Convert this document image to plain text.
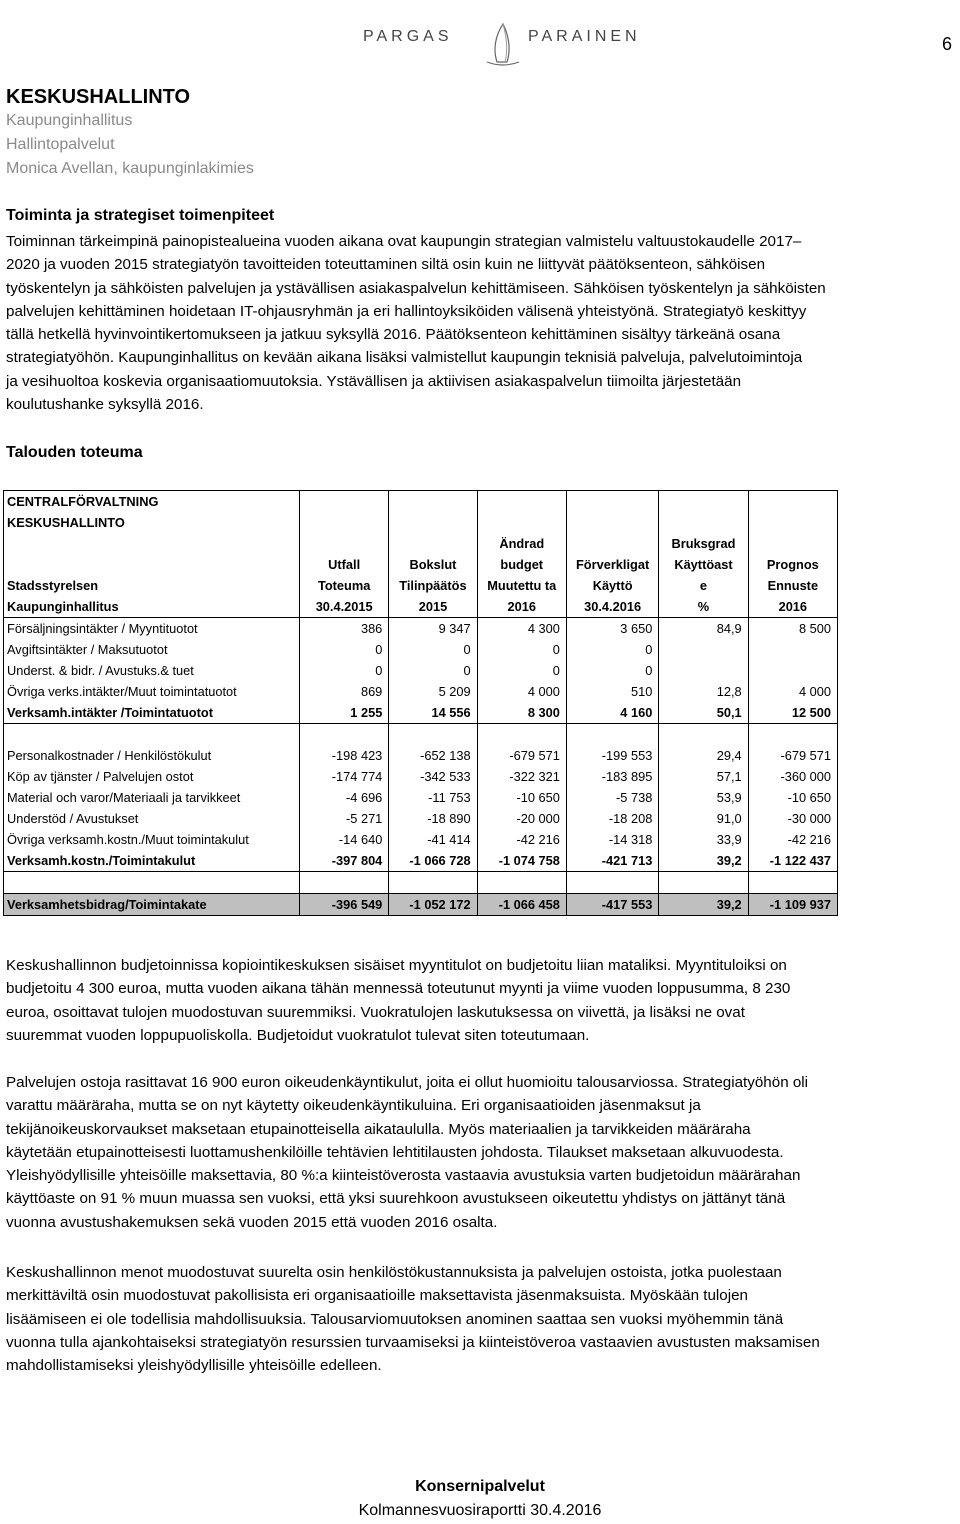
PARGAS	PARAINEN	6
KESKUSHALLINTO
Kaupunginhallitus
Hallintopalvelut
Monica Avellan, kaupunginlakimies
Toiminta ja strategiset toimenpiteet
Toiminnan tärkeimpinä painopistealueina vuoden aikana ovat kaupungin strategian valmistelu valtuustokaudelle 2017–
2020 ja vuoden 2015 strategiatyön tavoitteiden toteuttaminen siltä osin kuin ne liittyvät päätöksenteon, sähköisen
työskentelyn ja sähköisten palvelujen ja ystävällisen asiakaspalvelun kehittämiseen. Sähköisen työskentelyn ja sähköisten
palvelujen kehittäminen hoidetaan IT-ohjausryhmän ja eri hallintoyksiköiden välisenä yhteistyönä. Strategiatyö keskittyy
tällä hetkellä hyvinvointikertomukseen ja jatkuu syksyllä 2016. Päätöksenteon kehittäminen sisältyy tärkeänä osana
strategiatyöhön. Kaupunginhallitus on kevään aikana lisäksi valmistellut kaupungin teknisiä palveluja, palvelutoimintoja
ja vesihuoltoa koskevia organisaatiomuutoksia. Ystävällisen ja aktiivisen asiakaspalvelun tiimoilta järjestetään
koulutushanke syksyllä 2016.
Talouden toteuma
CENTRALFÖRVALTNING						
KESKUSHALLINTO						
			Ändrad		Bruksgrad	
	Utfall	Bokslut	budget	Förverkligat	Käyttöast	Prognos
Stadsstyrelsen	Toteuma	Tilinpäätös	Muutettu ta	Käyttö	e	Ennuste
Kaupunginhallitus	30.4.2015	2015	2016	30.4.2016	%	2016
Försäljningsintäkter / Myyntituotot	386	9 347	4 300	3 650	84,9	8 500
Avgiftsintäkter / Maksutuotot	0	0	0	0		
Underst. & bidr. / Avustuks.& tuet	0	0	0	0		
Övriga verks.intäkter/Muut toimintatuotot	869	5 209	4 000	510	12,8	4 000
Verksamh.intäkter /Toimintatuotot	1 255	14 556	8 300	4 160	50,1	12 500

Personalkostnader / Henkilöstökulut	-198 423	-652 138	-679 571	-199 553	29,4	-679 571
Köp av tjänster / Palvelujen ostot	-174 774	-342 533	-322 321	-183 895	57,1	-360 000
Material och varor/Materiaali ja tarvikkeet	-4 696	-11 753	-10 650	-5 738	53,9	-10 650
Understöd / Avustukset	-5 271	-18 890	-20 000	-18 208	91,0	-30 000
Övriga verksamh.kostn./Muut toimintakulut	-14 640	-41 414	-42 216	-14 318	33,9	-42 216
Verksamh.kostn./Toimintakulut	-397 804	-1 066 728	-1 074 758	-421 713	39,2	-1 122 437

Verksamhetsbidrag/Toimintakate	-396 549	-1 052 172	-1 066 458	-417 553	39,2	-1 109 937
Keskushallinnon budjetoinnissa kopiointikeskuksen sisäiset myyntitulot on budjetoitu liian mataliksi. Myyntituloiksi on
budjetoitu 4 300 euroa, mutta vuoden aikana tähän mennessä toteutunut myynti ja viime vuoden loppusumma, 8 230
euroa, osoittavat tulojen muodostuvan suuremmiksi. Vuokratulojen laskutuksessa on viivettä, ja lisäksi ne ovat
suuremmat vuoden loppupuoliskolla. Budjetoidut vuokratulot tulevat siten toteutumaan.
Palvelujen ostoja rasittavat 16 900 euron oikeudenkäyntikulut, joita ei ollut huomioitu talousarviossa. Strategiatyöhön oli
varattu määräraha, mutta se on nyt käytetty oikeudenkäyntikuluina. Eri organisaatioiden jäsenmaksut ja
tekijänoikeuskorvaukset maksetaan etupainotteisella aikataululla. Myös materiaalien ja tarvikkeiden määräraha
käytetään etupainotteisesti luottamushenkilöille tehtävien lehtitilausten johdosta. Tilaukset maksetaan alkuvuodesta.
Yleishyödyllisille yhteisöille maksettavia, 80 %:a kiinteistöverosta vastaavia avustuksia varten budjetoidun määrärahan
käyttöaste on 91 % muun muassa sen vuoksi, että yksi suurehkoon avustukseen oikeutettu yhdistys on jättänyt tänä
vuonna avustushakemuksen sekä vuoden 2015 että vuoden 2016 osalta.
Keskushallinnon menot muodostuvat suurelta osin henkilöstökustannuksista ja palvelujen ostoista, jotka puolestaan
merkittäviltä osin muodostuvat pakollisista eri organisaatioille maksettavista jäsenmaksuista. Myöskään tulojen
lisäämiseen ei ole todellisia mahdollisuuksia. Talousarviomuutoksen anominen saattaa sen vuoksi myöhemmin tänä
vuonna tulla ajankohtaiseksi strategiatyön resurssien turvaamiseksi ja kiinteistöveroa vastaavien avustusten maksamisen
mahdollistamiseksi yleishyödyllisille yhteisöille edelleen.
Konsernipalvelut
Kolmannesvuosiraportti 30.4.2016
